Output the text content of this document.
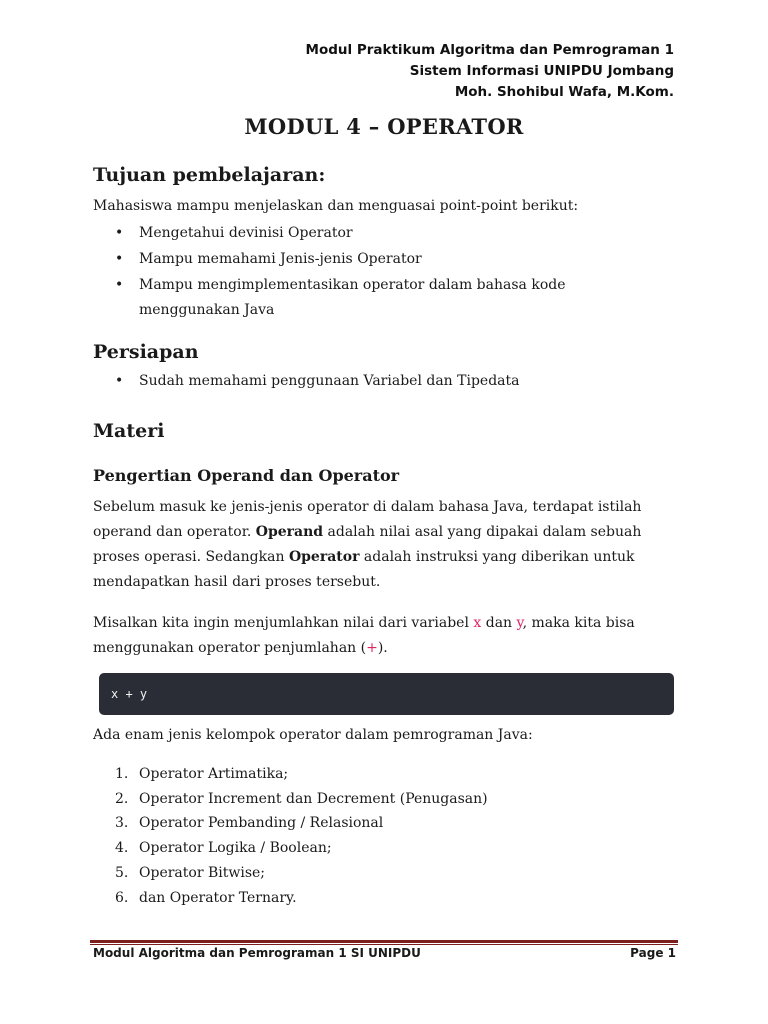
Modul Praktikum Algoritma dan Pemrograman 1
Sistem Informasi UNIPDU Jombang
Moh. Shohibul Wafa, M.Kom.
MODUL 4 – OPERATOR
Tujuan pembelajaran:

Mahasiswa mampu menjelaskan dan menguasai point-point berikut:

• Mengetahui devinisi Operator
• Mampu memahami Jenis-jenis Operator
• Mampu mengimplementasikan operator dalam bahasa kode menggunakan Java
Persiapan
• Sudah memahami penggunaan Variabel dan Tipedata
Materi
Pengertian Operand dan Operator

Sebelum masuk ke jenis-jenis operator di dalam bahasa Java, terdapat istilah operand dan operator. Operand adalah nilai asal yang dipakai dalam sebuah proses operasi. Sedangkan Operator adalah instruksi yang diberikan untuk mendapatkan hasil dari proses tersebut.

Misalkan kita ingin menjumlahkan nilai dari variabel x dan y, maka kita bisa menggunakan operator penjumlahan (+).

x + y

Ada enam jenis kelompok operator dalam pemrograman Java:

1. Operator Artimatika;
2. Operator Increment dan Decrement (Penugasan)
3. Operator Pembanding / Relasional
4. Operator Logika / Boolean;
5. Operator Bitwise;
6. dan Operator Ternary.
Modul Algoritma dan Pemrograman 1 SI UNIPDU	Page 1
